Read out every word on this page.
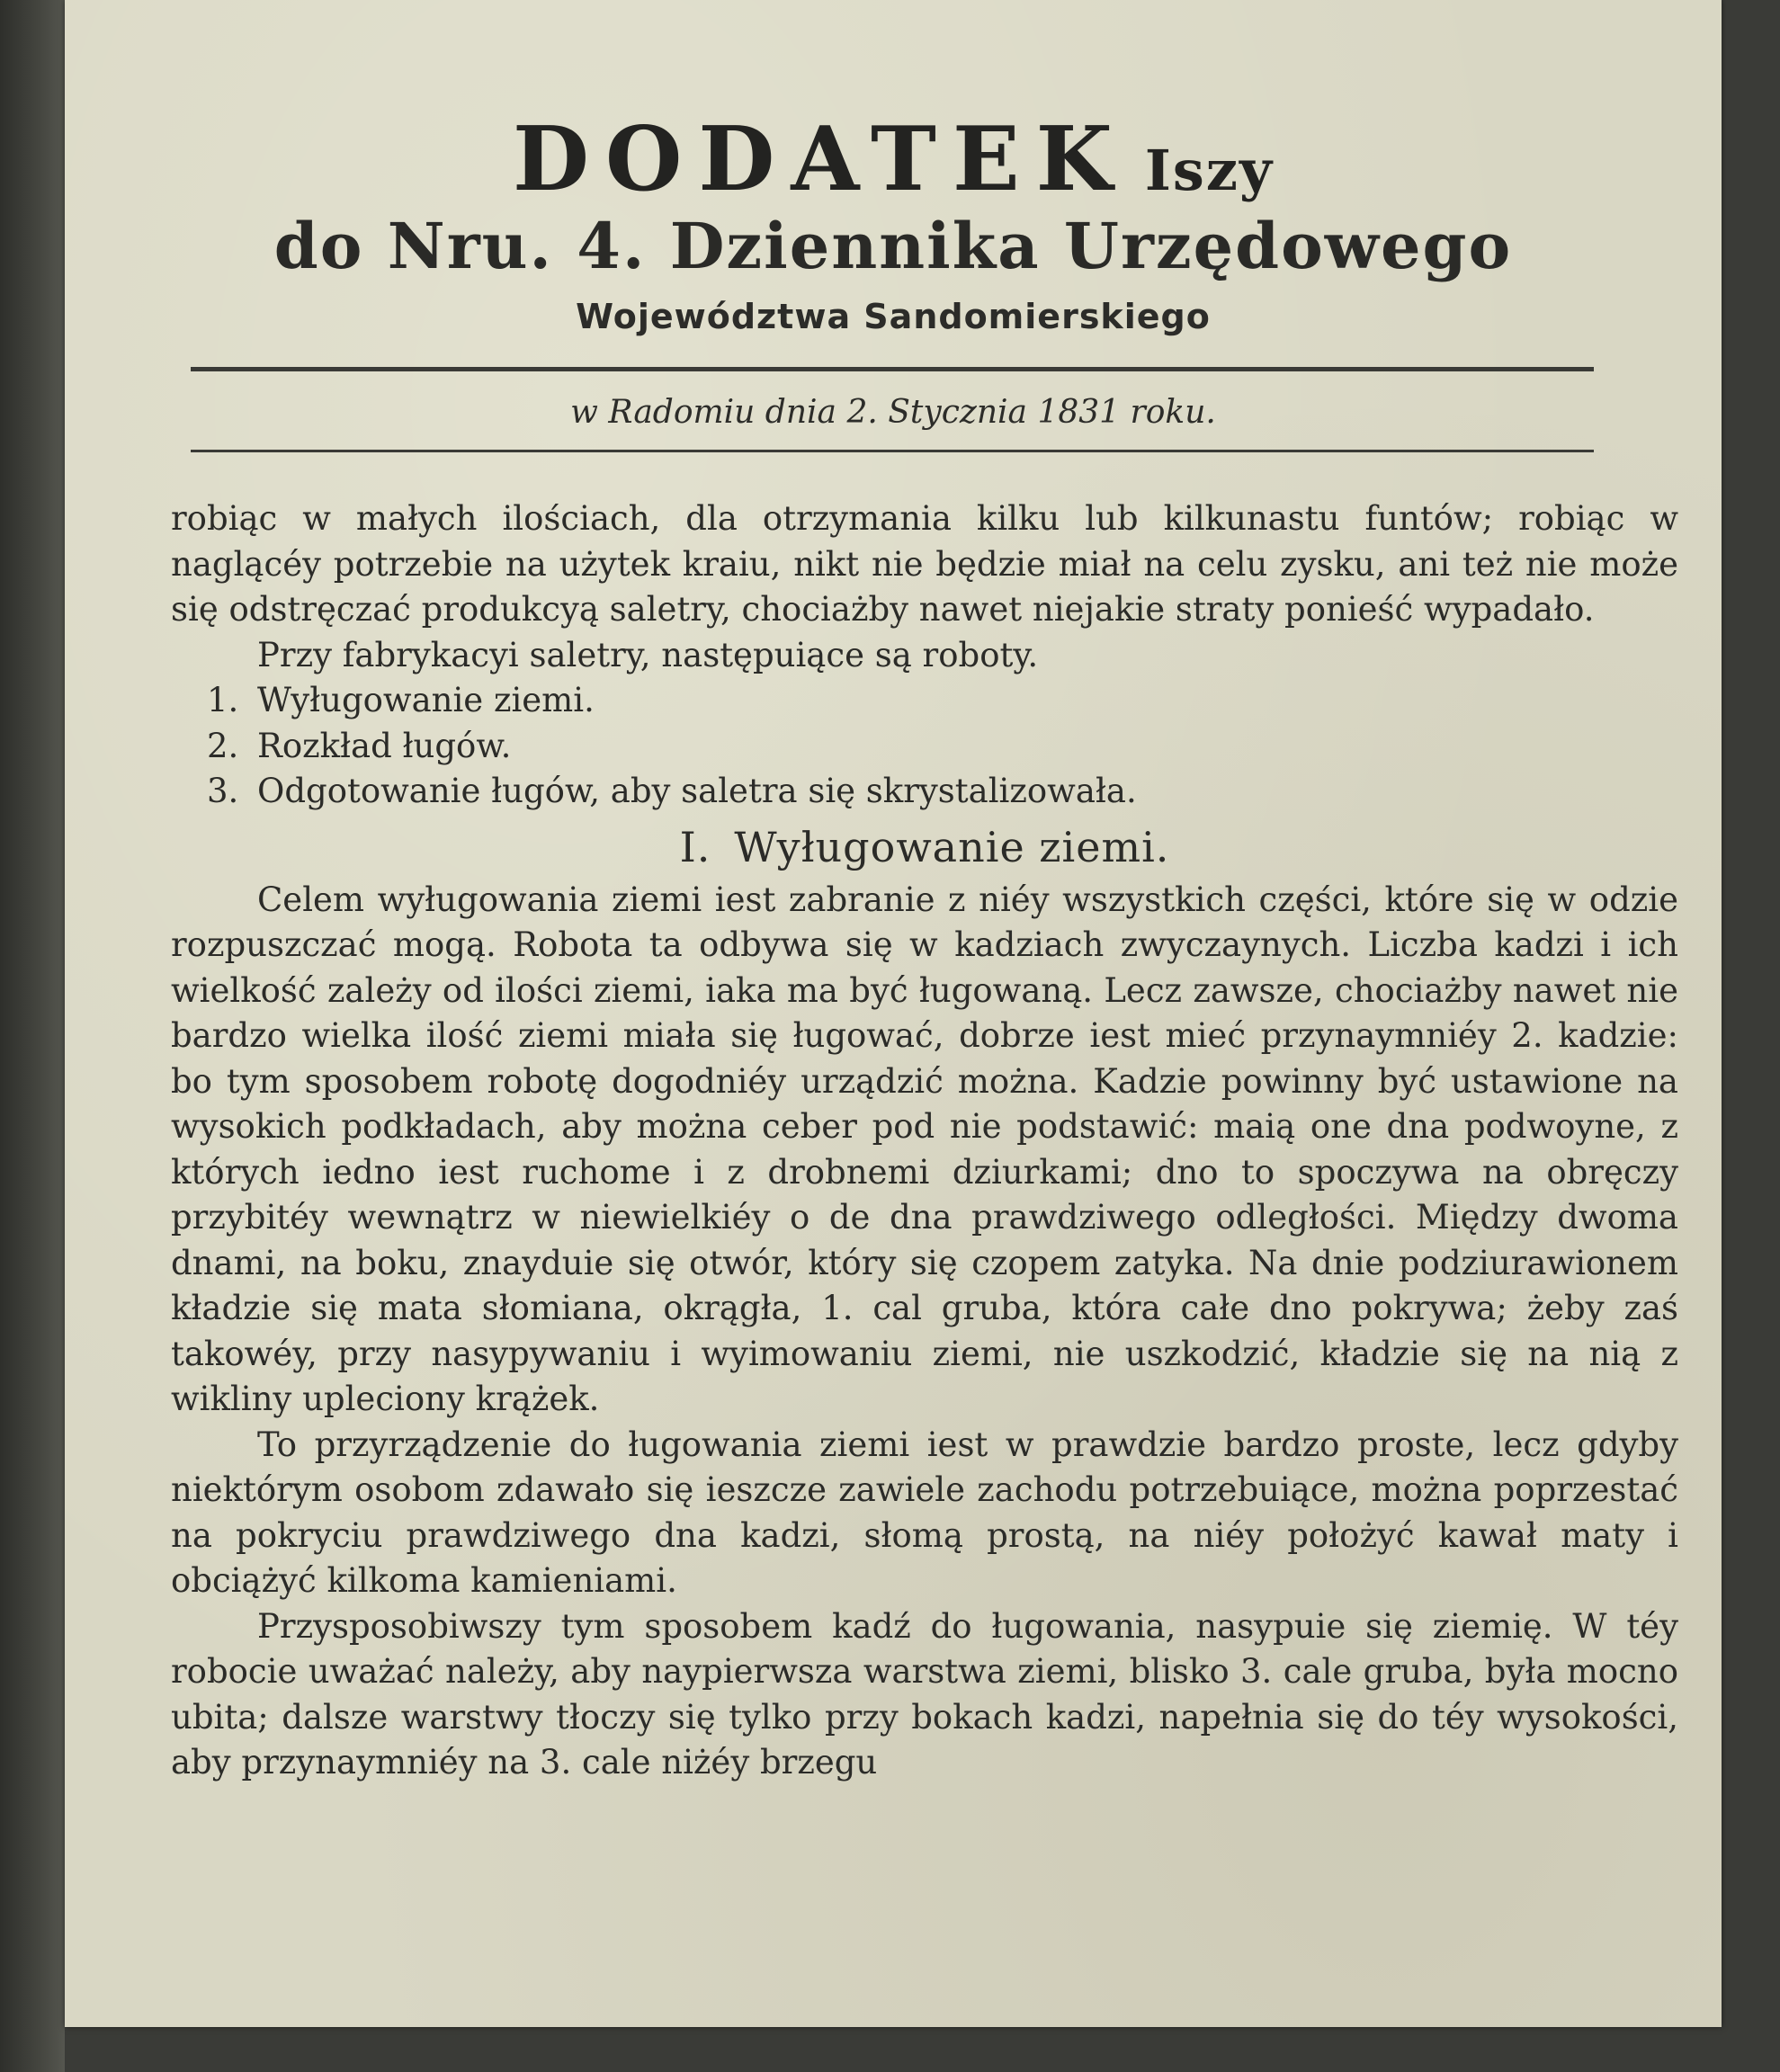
DODATEK Iszy
do Nru. 4. Dziennika Urzędowego
Województwa Sandomierskiego
w Radomiu dnia 2. Stycznia 1831 roku.

robiąc w małych ilościach, dla otrzymania kilku lub kilkunastu funtów; robiąc w naglącéy potrzebie na użytek kraiu, nikt nie będzie miał na celu zysku, ani też nie może się odstręczać produkcyą saletry, chociażby nawet niejakie straty ponieść wypadało.

Przy fabrykacyi saletry, następuiące są roboty.

1. Wyługowanie ziemi.
2. Rozkład ługów.
3. Odgotowanie ługów, aby saletra się skrystalizowała.
I. Wyługowanie ziemi.

Celem wyługowania ziemi iest zabranie z niéy wszystkich części, które się w odzie rozpuszczać mogą. Robota ta odbywa się w kadziach zwyczaynych. Liczba kadzi i ich wielkość zależy od ilości ziemi, iaka ma być ługowaną. Lecz zawsze, chociażby nawet nie bardzo wielka ilość ziemi miała się ługować, dobrze iest mieć przynaymniéy 2. kadzie: bo tym sposobem robotę dogodniéy urządzić można. Kadzie powinny być ustawione na wysokich podkładach, aby można ceber pod nie podstawić: maią one dna podwoyne, z których iedno iest ruchome i z drobnemi dziurkami; dno to spoczywa na obręczy przybitéy wewnątrz w niewielkiéy o de dna prawdziwego odległości. Między dwoma dnami, na boku, znayduie się otwór, który się czopem zatyka. Na dnie podziurawionem kładzie się mata słomiana, okrągła, 1. cal gruba, która całe dno pokrywa; żeby zaś takowéy, przy nasypywaniu i wyimowaniu ziemi, nie uszkodzić, kładzie się na nią z wikliny upleciony krążek.

To przyrządzenie do ługowania ziemi iest w prawdzie bardzo proste, lecz gdyby niektórym osobom zdawało się ieszcze zawiele zachodu potrzebuiące, można poprzestać na pokryciu prawdziwego dna kadzi, słomą prostą, na niéy położyć kawał maty i obciążyć kilkoma kamieniami.

Przysposobiwszy tym sposobem kadź do ługowania, nasypuie się ziemię. W téy robocie uważać należy, aby naypierwsza warstwa ziemi, blisko 3. cale gruba, była mocno ubita; dalsze warstwy tłoczy się tylko przy bokach kadzi, napełnia się do téy wysokości, aby przynaymniéy na 3. cale niżéy brzegu
